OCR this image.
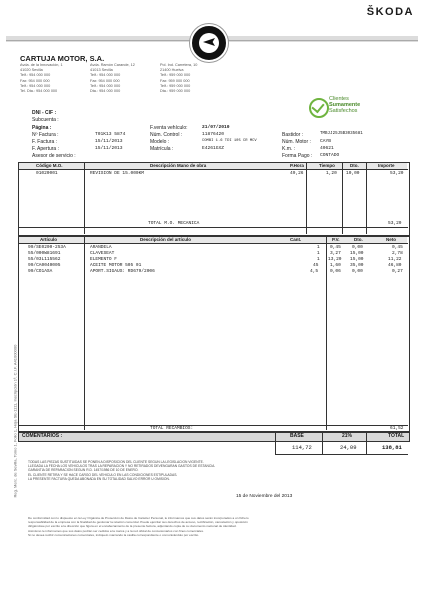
ŠKODA
Reg. Merc. de Sevilla, Tomo 1, Folio 1, Hoja SE-1111, Inscripción 1ª, C.I.F. A41000000
CARTUJA MOTOR, S.A.
Avda. de la Innovación, 1
41020 Sevilla
Telf.: 954 000 000
Fax: 954 000 000
Telf.: 954 000 000
Tel. Dta.: 954 000 000
Avda. Ramón Carande, 12
41013 Sevilla
Telf.: 954 000 000
Fax: 954 000 000
Telf.: 954 000 000
Dta.: 954 000 000
Pol. Ind. Carretera, 10
21400 Huelva
Telf.: 959 000 000
Fax: 959 000 000
Telf.: 959 000 000
Dta.: 959 000 000
Clientes
Sumamente
Satisfechos
DNI - CIF :
Subcuenta :
Página :
Nº Factura :	T01K13 5874
F. Factura :	15/11/2013
F. Apertura :	15/11/2013
Asesor de servicio :
F.venta vehículo:	21/07/2010
Núm. Control :	11876420
Modelo :	COMBI 1.6 TDI 105 CR MCV
Matrícula :	E4261GXZ
Bastidor :	TMBJJ25J5B3035681
Núm. Motor : CAYB
K.m. :	40621
Forma Pago : CONTADO
Código M.O.	Descripción Mano de obra	P.Hora	Tiempo	Dto.	Importe
01020001	REVISION DE 15.000KM	49,26	1,20 10,00	53,20
TOTAL M.O. MECANICA	53,20
Artículo	Descripción del artículo	Cant.	P.V.	Dto.	Neto
99/SE0200-253A	ARANDELA	1 0,45 0,00	0,45
55/000W81691	CLAVESEAT	1 3,27 15,00	2,78
55/03L115562	ELEMENTO F	1 13,20 15,00	11,22
99/CA0040005	ACEITE MOTOR 505 01	45	1,60 35,00	46,80
99/CO1ASA	APORT.SIGAUS: RD679/2006	4,5	0,06 0,00	0,27
TOTAL RECAMBIOS:	61,52
COMENTARIOS :	BASE	21%	TOTAL
114,72	24,09	138,81
TODAS LAS PIEZAS SUSTITUIDAS SE PONEN A DISPOSICION DEL CLIENTE SEGUN LA LEGISLACION VIGENTE.
LLEGADA LA FECHA LOS VEHICULOS TRAS LA REPARACION Y NO RETIRADOS DEVENGARAN GASTOS DE ESTANCIA.
GARANTIA DE REPARACION SEGUN R.D. 1457/1986 DE 10 DE ENERO.
EL CLIENTE RETIRA Y SE HACE CARGO DEL VEHICULO EN LAS CONDICIONES ESTIPULADAS.
LA PRESENTE FACTURA QUEDA ABONADA EN SU TOTALIDAD SALVO ERROR U OMISION.
15 de Noviembre del 2013
De conformidad con lo dispuesto en la Ley Orgánica de Protección de Datos de Carácter Personal, le informamos que sus datos serán incorporados a un fichero
responsabilidad de la empresa con la finalidad de gestionar la relación comercial. Puede ejercitar sus derechos de acceso, rectificación, cancelación y oposición
dirigiéndose por escrito a la dirección que figura en el encabezamiento de la presente factura, adjuntando copia de su documento nacional de identidad.
Asimismo le informamos que sus datos podrán ser cedidos a la marca y a la red oficial de concesionarios con fines comerciales.
Si no desea recibir comunicaciones comerciales, indíquelo marcando la casilla correspondiente o comunicándolo por escrito.
